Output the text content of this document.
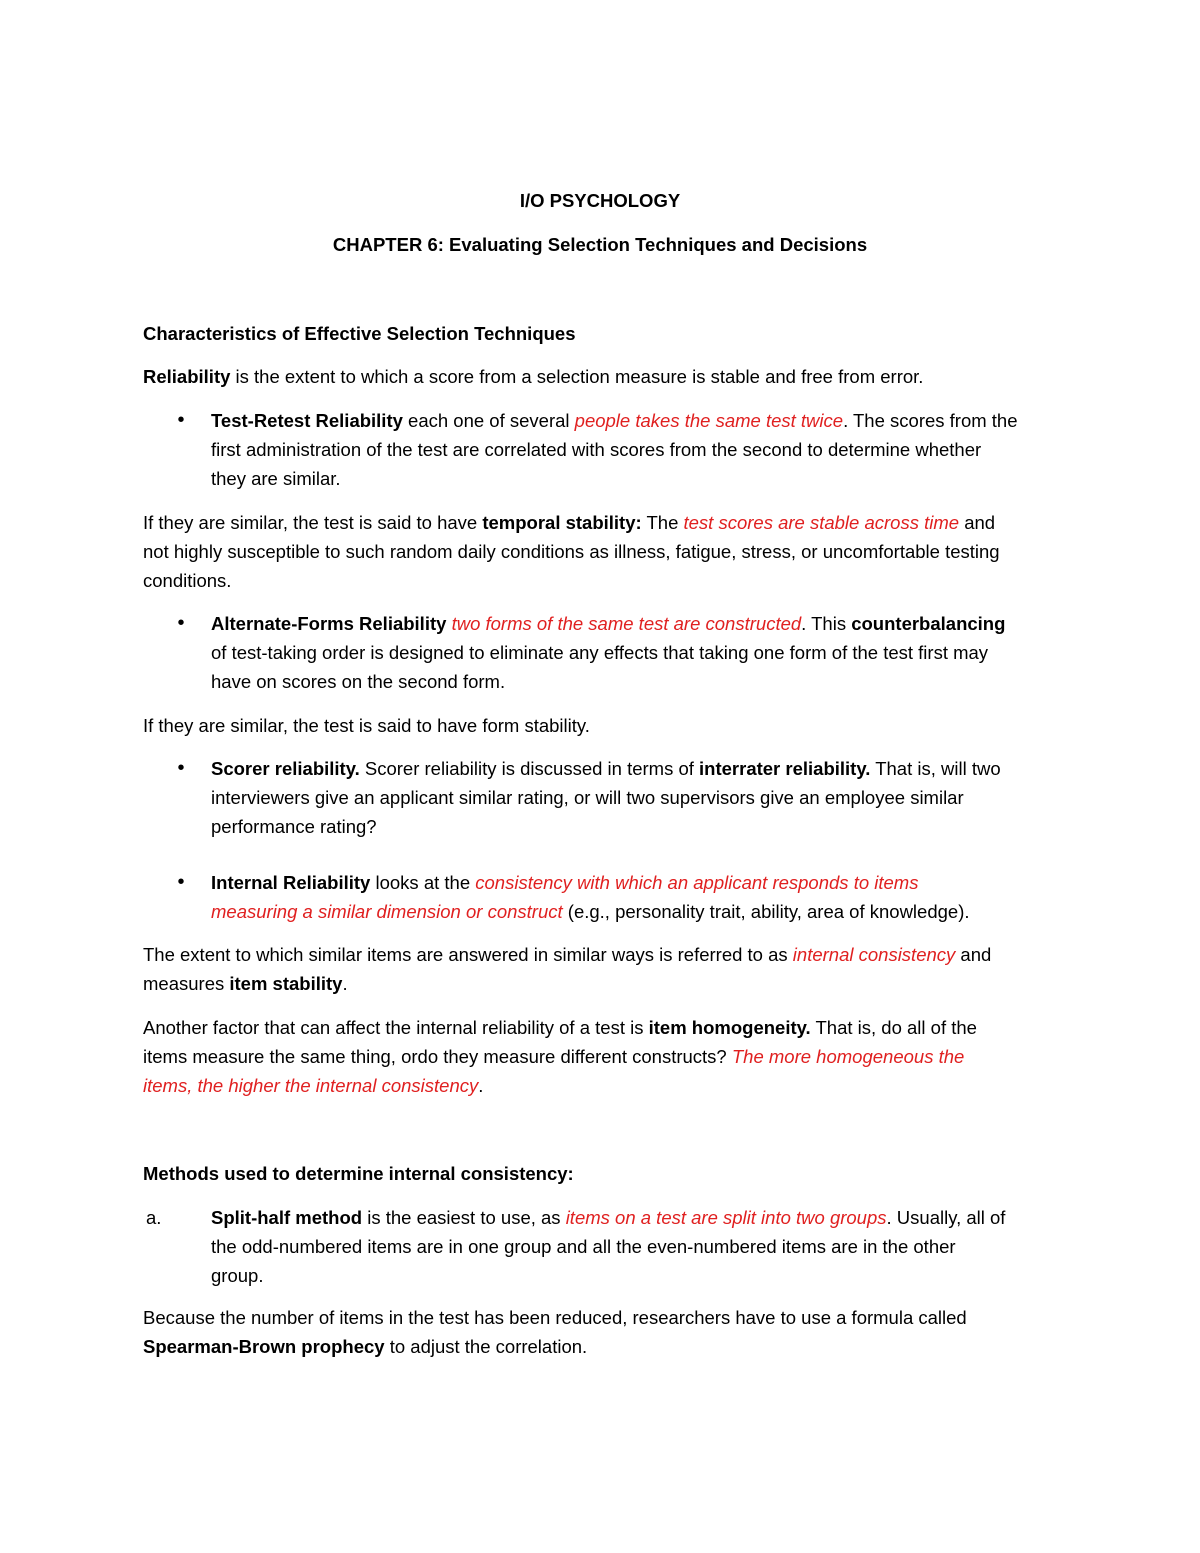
I/O PSYCHOLOGY
CHAPTER 6: Evaluating Selection Techniques and Decisions
Characteristics of Effective Selection Techniques
Reliability is the extent to which a score from a selection measure is stable and free from error.
• Test-Retest Reliability each one of several people takes the same test twice. The scores from the
first administration of the test are correlated with scores from the second to determine whether
they are similar.
If they are similar, the test is said to have temporal stability: The test scores are stable across time and
not highly susceptible to such random daily conditions as illness, fatigue, stress, or uncomfortable testing
conditions.
• Alternate-Forms Reliability two forms of the same test are constructed. This counterbalancing
of test-taking order is designed to eliminate any effects that taking one form of the test first may
have on scores on the second form.
If they are similar, the test is said to have form stability.
• Scorer reliability. Scorer reliability is discussed in terms of interrater reliability. That is, will two
interviewers give an applicant similar rating, or will two supervisors give an employee similar
performance rating?
• Internal Reliability looks at the consistency with which an applicant responds to items
measuring a similar dimension or construct (e.g., personality trait, ability, area of knowledge).
The extent to which similar items are answered in similar ways is referred to as internal consistency and
measures item stability.
Another factor that can affect the internal reliability of a test is item homogeneity. That is, do all of the
items measure the same thing, ordo they measure different constructs? The more homogeneous the
items, the higher the internal consistency.
Methods used to determine internal consistency:
a.	Split-half method is the easiest to use, as items on a test are split into two groups. Usually, all of
the odd-numbered items are in one group and all the even-numbered items are in the other
group.
Because the number of items in the test has been reduced, researchers have to use a formula called
Spearman-Brown prophecy to adjust the correlation.
